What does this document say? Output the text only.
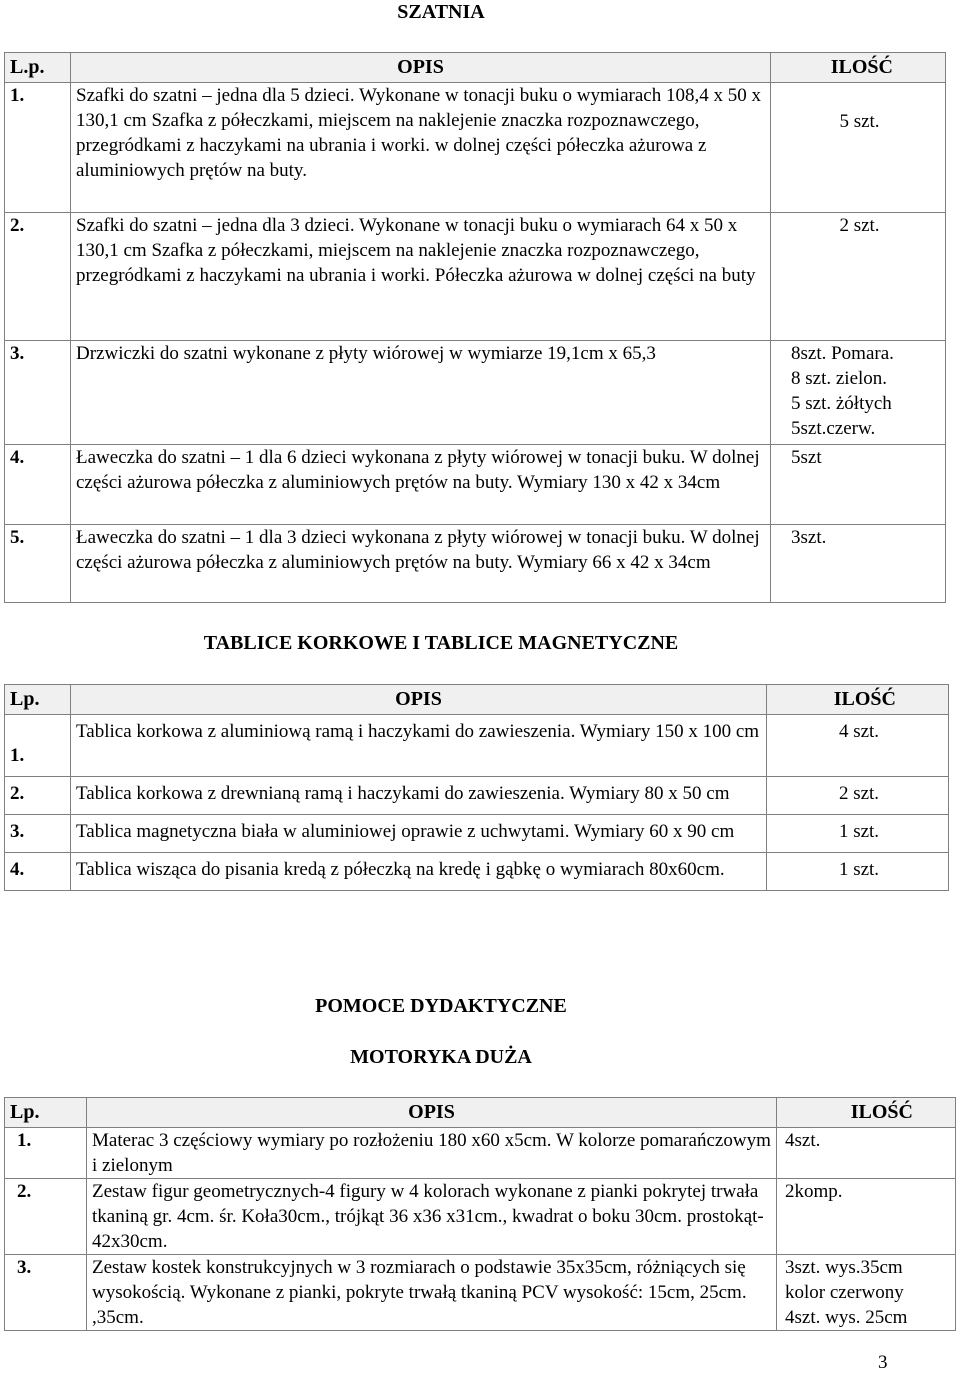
SZATNIA
L.p.	OPIS	ILOŚĆ
1.	Szafki do szatni – jedna dla 5 dzieci. Wykonane w tonacji buku o wymiarach 108,4 x 50 x 130,1 cm Szafka z półeczkami, miejscem na naklejenie znaczka rozpoznawczego, przegródkami z haczykami na ubrania i worki. w dolnej części półeczka ażurowa z aluminiowych prętów na buty.	5 szt.

2.	Szafki do szatni – jedna dla 3 dzieci. Wykonane w tonacji buku o wymiarach 64 x 50 x 130,1 cm Szafka z półeczkami, miejscem na naklejenie znaczka rozpoznawczego, przegródkami z haczykami na ubrania i worki. Półeczka ażurowa w dolnej części na buty	2 szt.

3.	Drzwiczki do szatni wykonane z płyty wiórowej w wymiarze 19,1cm x 65,3	8szt. Pomara.
8 szt. zielon.
5 szt. żółtych
5szt.czerw.

4.	Ławeczka do szatni – 1 dla 6 dzieci wykonana z płyty wiórowej w tonacji buku. W dolnej części ażurowa półeczka z aluminiowych prętów na buty. Wymiary 130 x 42 x 34cm	5szt

5.	Ławeczka do szatni – 1 dla 3 dzieci wykonana z płyty wiórowej w tonacji buku. W dolnej części ażurowa półeczka z aluminiowych prętów na buty. Wymiary 66 x 42 x 34cm	3szt.
TABLICE KORKOWE I TABLICE MAGNETYCZNE
Lp.	OPIS	ILOŚĆ
1.	Tablica korkowa z aluminiową ramą i haczykami do zawieszenia. Wymiary 150 x 100 cm	4 szt.
2.	Tablica korkowa z drewnianą ramą i haczykami do zawieszenia. Wymiary 80 x 50 cm	2 szt.
3.	Tablica magnetyczna biała w aluminiowej oprawie z uchwytami. Wymiary 60 x 90 cm	1 szt.
4.	Tablica wisząca do pisania kredą z półeczką na kredę i gąbkę o wymiarach 80x60cm.	1 szt.
POMOCE DYDAKTYCZNE
MOTORYKA DUŻA
Lp.	OPIS	ILOŚĆ
1.	Materac 3 częściowy wymiary po rozłożeniu 180 x60 x5cm. W kolorze pomarańczowym i zielonym	4szt.

2.	Zestaw figur geometrycznych-4 figury w 4 kolorach wykonane z pianki pokrytej trwała tkaniną gr. 4cm. śr. Koła30cm., trójkąt 36 x36 x31cm., kwadrat o boku 30cm. prostokąt- 42x30cm.	2komp.

3.	Zestaw kostek konstrukcyjnych w 3 rozmiarach o podstawie 35x35cm, różniących się wysokością. Wykonane z pianki, pokryte trwałą tkaniną PCV wysokość: 15cm, 25cm. ,35cm.	3szt. wys.35cm
kolor czerwony
4szt. wys. 25cm
3
